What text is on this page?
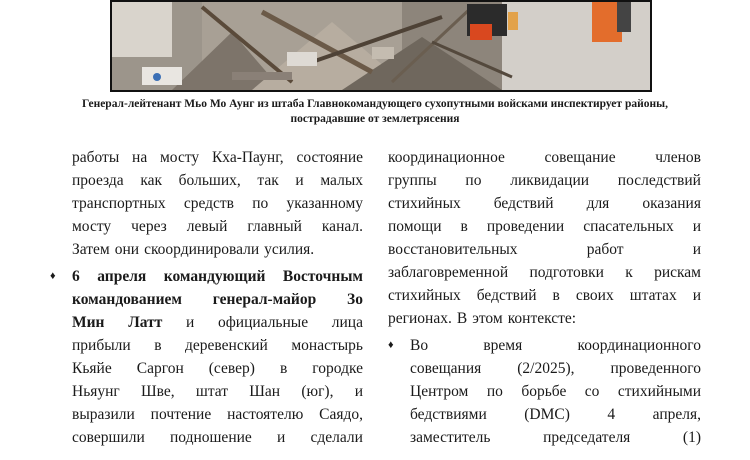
Генерал-лейтенант Мьо Мо Аунг из штаба Главнокомандующего сухопутными войсками инспектирует районы,
пострадавшие от землетрясения
работы на мосту Кха-Паунг, состояние
проезда как больших, так и малых
транспортных средств по указанному
мосту через левый главный канал.
Затем они скоординировали усилия.
♦ 6 апреля командующий Восточным
командованием генерал-майор Зо
Мин Латт и официальные лица
прибыли в деревенский монастырь
Кьяйе Саргон (север) в городке
Ньяунг Шве, штат Шан (юг), и
выразили почтение настоятелю Саядо,
совершили подношение и сделали
координационное	совещание	членов
группы по ликвидации последствий
стихийных бедствий для оказания
помощи в проведении спасательных и
восстановительных	работ	и
заблаговременной подготовки к рискам
стихийных бедствий в своих штатах и
регионах. В этом контексте:
♦ Во	время	координационного
совещания (2/2025), проведенного
Центром по борьбе со стихийными
бедствиями (DMC) 4 апреля,
заместитель	председателя	(1)
